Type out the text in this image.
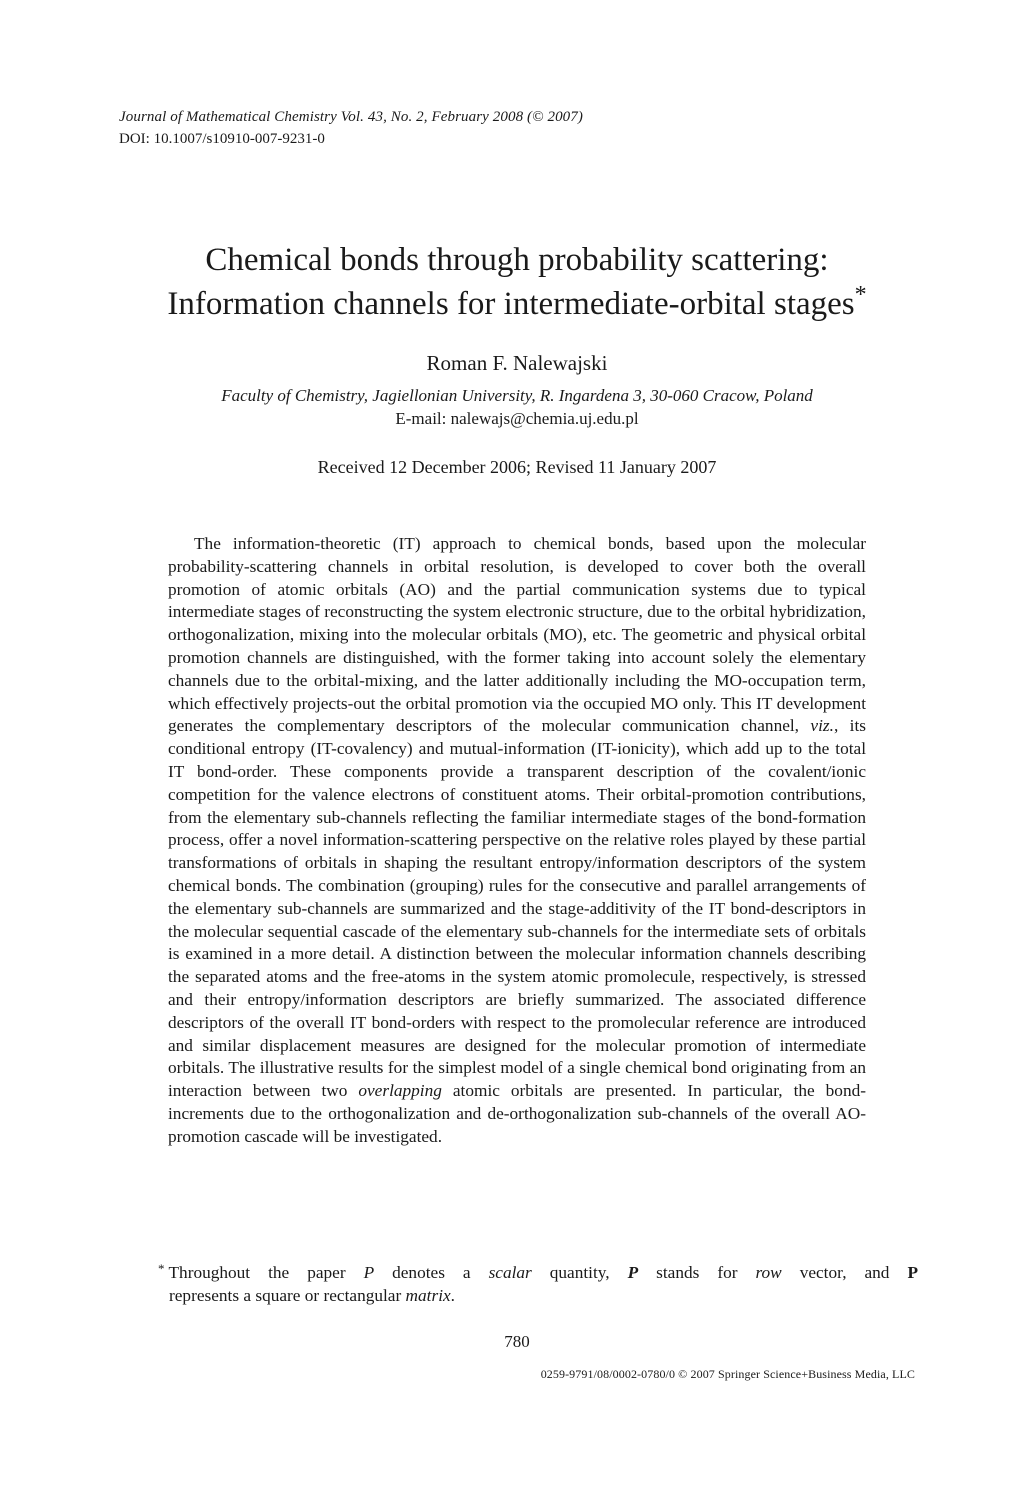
Journal of Mathematical Chemistry Vol. 43, No. 2, February 2008 (© 2007)
DOI: 10.1007/s10910-007-9231-0
Chemical bonds through probability scattering:
Information channels for intermediate-orbital stages*
Roman F. Nalewajski
Faculty of Chemistry, Jagiellonian University, R. Ingardena 3, 30-060 Cracow, Poland
E-mail: nalewajs@chemia.uj.edu.pl
Received 12 December 2006; Revised 11 January 2007

The information-theoretic (IT) approach to chemical bonds, based upon the molecular probability-scattering channels in orbital resolution, is developed to cover both the overall promotion of atomic orbitals (AO) and the partial communication systems due to typical intermediate stages of reconstructing the system electronic structure, due to the orbital hybridization, orthogonalization, mixing into the molecular orbitals (MO), etc. The geometric and physical orbital promotion channels are distinguished, with the former taking into account solely the elementary channels due to the orbital-mixing, and the latter additionally including the MO-occupation term, which effectively projects-out the orbital promotion via the occupied MO only. This IT development generates the complementary descriptors of the molecular communication channel, viz., its conditional entropy (IT-covalency) and mutual-information (IT-ionicity), which add up to the total IT bond-order. These components provide a transparent description of the covalent/ionic competition for the valence electrons of constituent atoms. Their orbital-promotion contributions, from the elementary sub-channels reflecting the familiar intermediate stages of the bond-formation process, offer a novel information-scattering perspective on the relative roles played by these partial transformations of orbitals in shaping the resultant entropy/information descriptors of the system chemical bonds. The combination (grouping) rules for the consecutive and parallel arrangements of the elementary sub-channels are summarized and the stage-additivity of the IT bond-descriptors in the molecular sequential cascade of the elementary sub-channels for the intermediate sets of orbitals is examined in a more detail. A distinction between the molecular information channels describing the separated atoms and the free-atoms in the system atomic promolecule, respectively, is stressed and their entropy/information descriptors are briefly summarized. The associated difference descriptors of the overall IT bond-orders with respect to the promolecular reference are introduced and similar displacement measures are designed for the molecular promotion of intermediate orbitals. The illustrative results for the simplest model of a single chemical bond originating from an interaction between two overlapping atomic orbitals are presented. In particular, the bond-increments due to the orthogonalization and de-orthogonalization sub-channels of the overall AO-promotion cascade will be investigated.

* Throughout the paper P denotes a scalar quantity, P stands for row vector, and P
represents a square or rectangular matrix.
780
0259-9791/08/0002-0780/0 © 2007 Springer Science+Business Media, LLC
